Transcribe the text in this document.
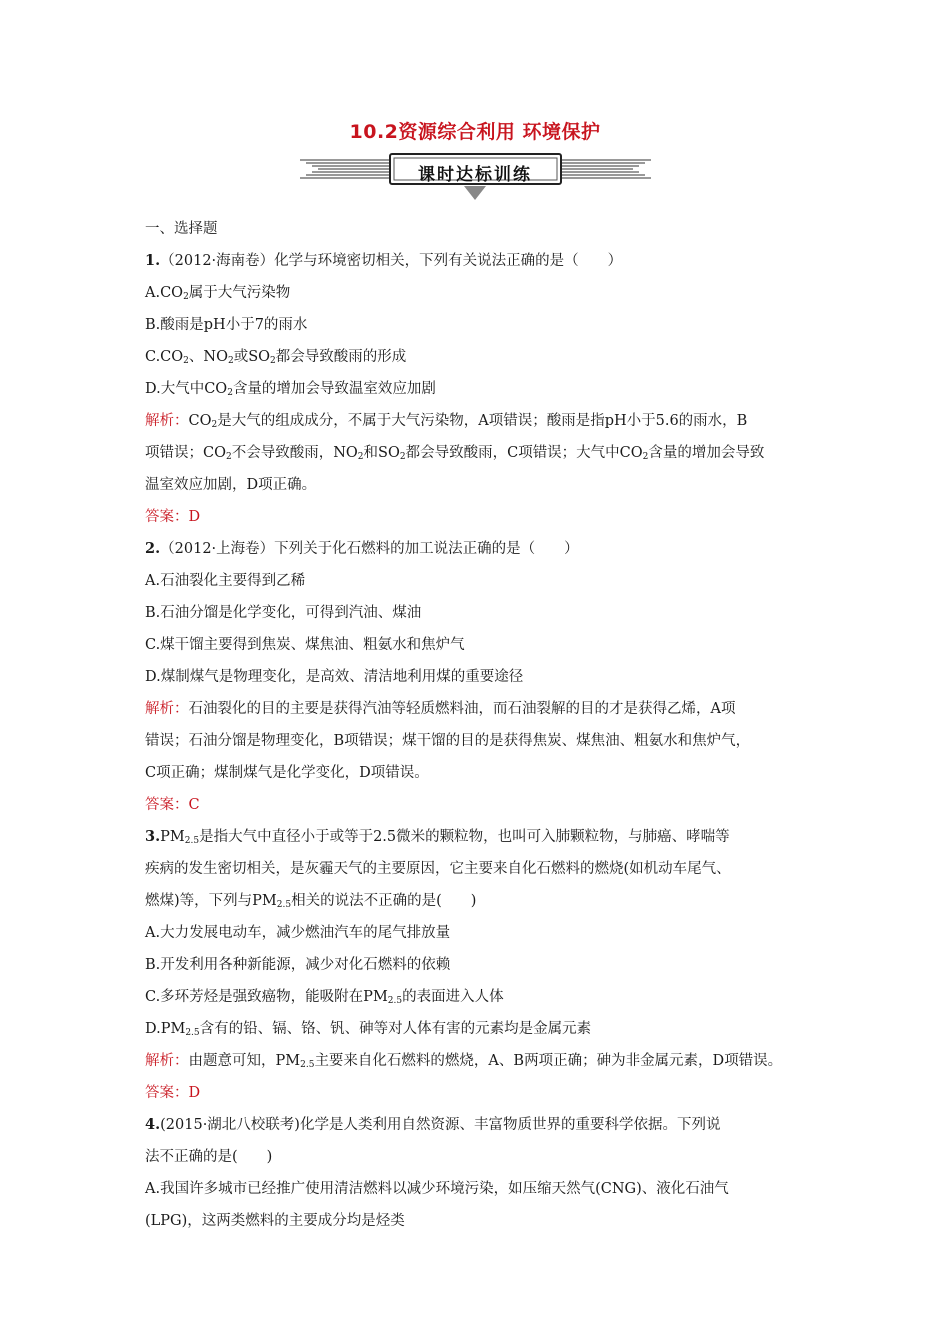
10.2资源综合利用 环境保护
课时达标训练
一、选择题
1.（2012·海南卷）化学与环境密切相关，下列有关说法正确的是（　　）
$A.CO_2$属于大气污染物
B.酸雨是pH小于7的雨水
$C.CO_2$、$NO_2$或$SO_2$都会导致酸雨的形成
D.大气中$CO_2$含量的增加会导致温室效应加剧
解析：$CO_2$是大气的组成成分，不属于大气污染物，A项错误；酸雨是指pH小于5.6的雨水，B
项错误；$CO_2$不会导致酸雨，$NO_2$和$SO_2$都会导致酸雨，C项错误；大气中$CO_2$含量的增加会导致
温室效应加剧，D项正确。
答案：D
2.（2012·上海卷）下列关于化石燃料的加工说法正确的是（　　）
A.石油裂化主要得到乙稀
B.石油分馏是化学变化，可得到汽油、煤油
C.煤干馏主要得到焦炭、煤焦油、粗氨水和焦炉气
D.煤制煤气是物理变化，是高效、清洁地利用煤的重要途径
解析：石油裂化的目的主要是获得汽油等轻质燃料油，而石油裂解的目的才是获得乙烯，A项
错误；石油分馏是物理变化，B项错误；煤干馏的目的是获得焦炭、煤焦油、粗氨水和焦炉气，
C项正确；煤制煤气是化学变化，D项错误。
答案：C
$3.PM_{2.5}$是指大气中直径小于或等于2.5微米的颗粒物，也叫可入肺颗粒物，与肺癌、哮喘等
疾病的发生密切相关，是灰霾天气的主要原因，它主要来自化石燃料的燃烧(如机动车尾气、
燃煤)等，下列与$PM_{2.5}$相关的说法不正确的是(　　)
A.大力发展电动车，减少燃油汽车的尾气排放量
B.开发利用各种新能源，减少对化石燃料的依赖
C.多环芳烃是强致癌物，能吸附在$PM_{2.5}$的表面进入人体
$D.PM_{2.5}$含有的铅、镉、铬、钒、砷等对人体有害的元素均是金属元素
解析：由题意可知，$PM_{2.5}$主要来自化石燃料的燃烧，A、B两项正确；砷为非金属元素，D项错误。
答案：D
4.(2015·湖北八校联考)化学是人类利用自然资源、丰富物质世界的重要科学依据。下列说
法不正确的是(　　)
A.我国许多城市已经推广使用清洁燃料以减少环境污染，如压缩天然气(CNG)、液化石油气
(LPG)，这两类燃料的主要成分均是烃类
